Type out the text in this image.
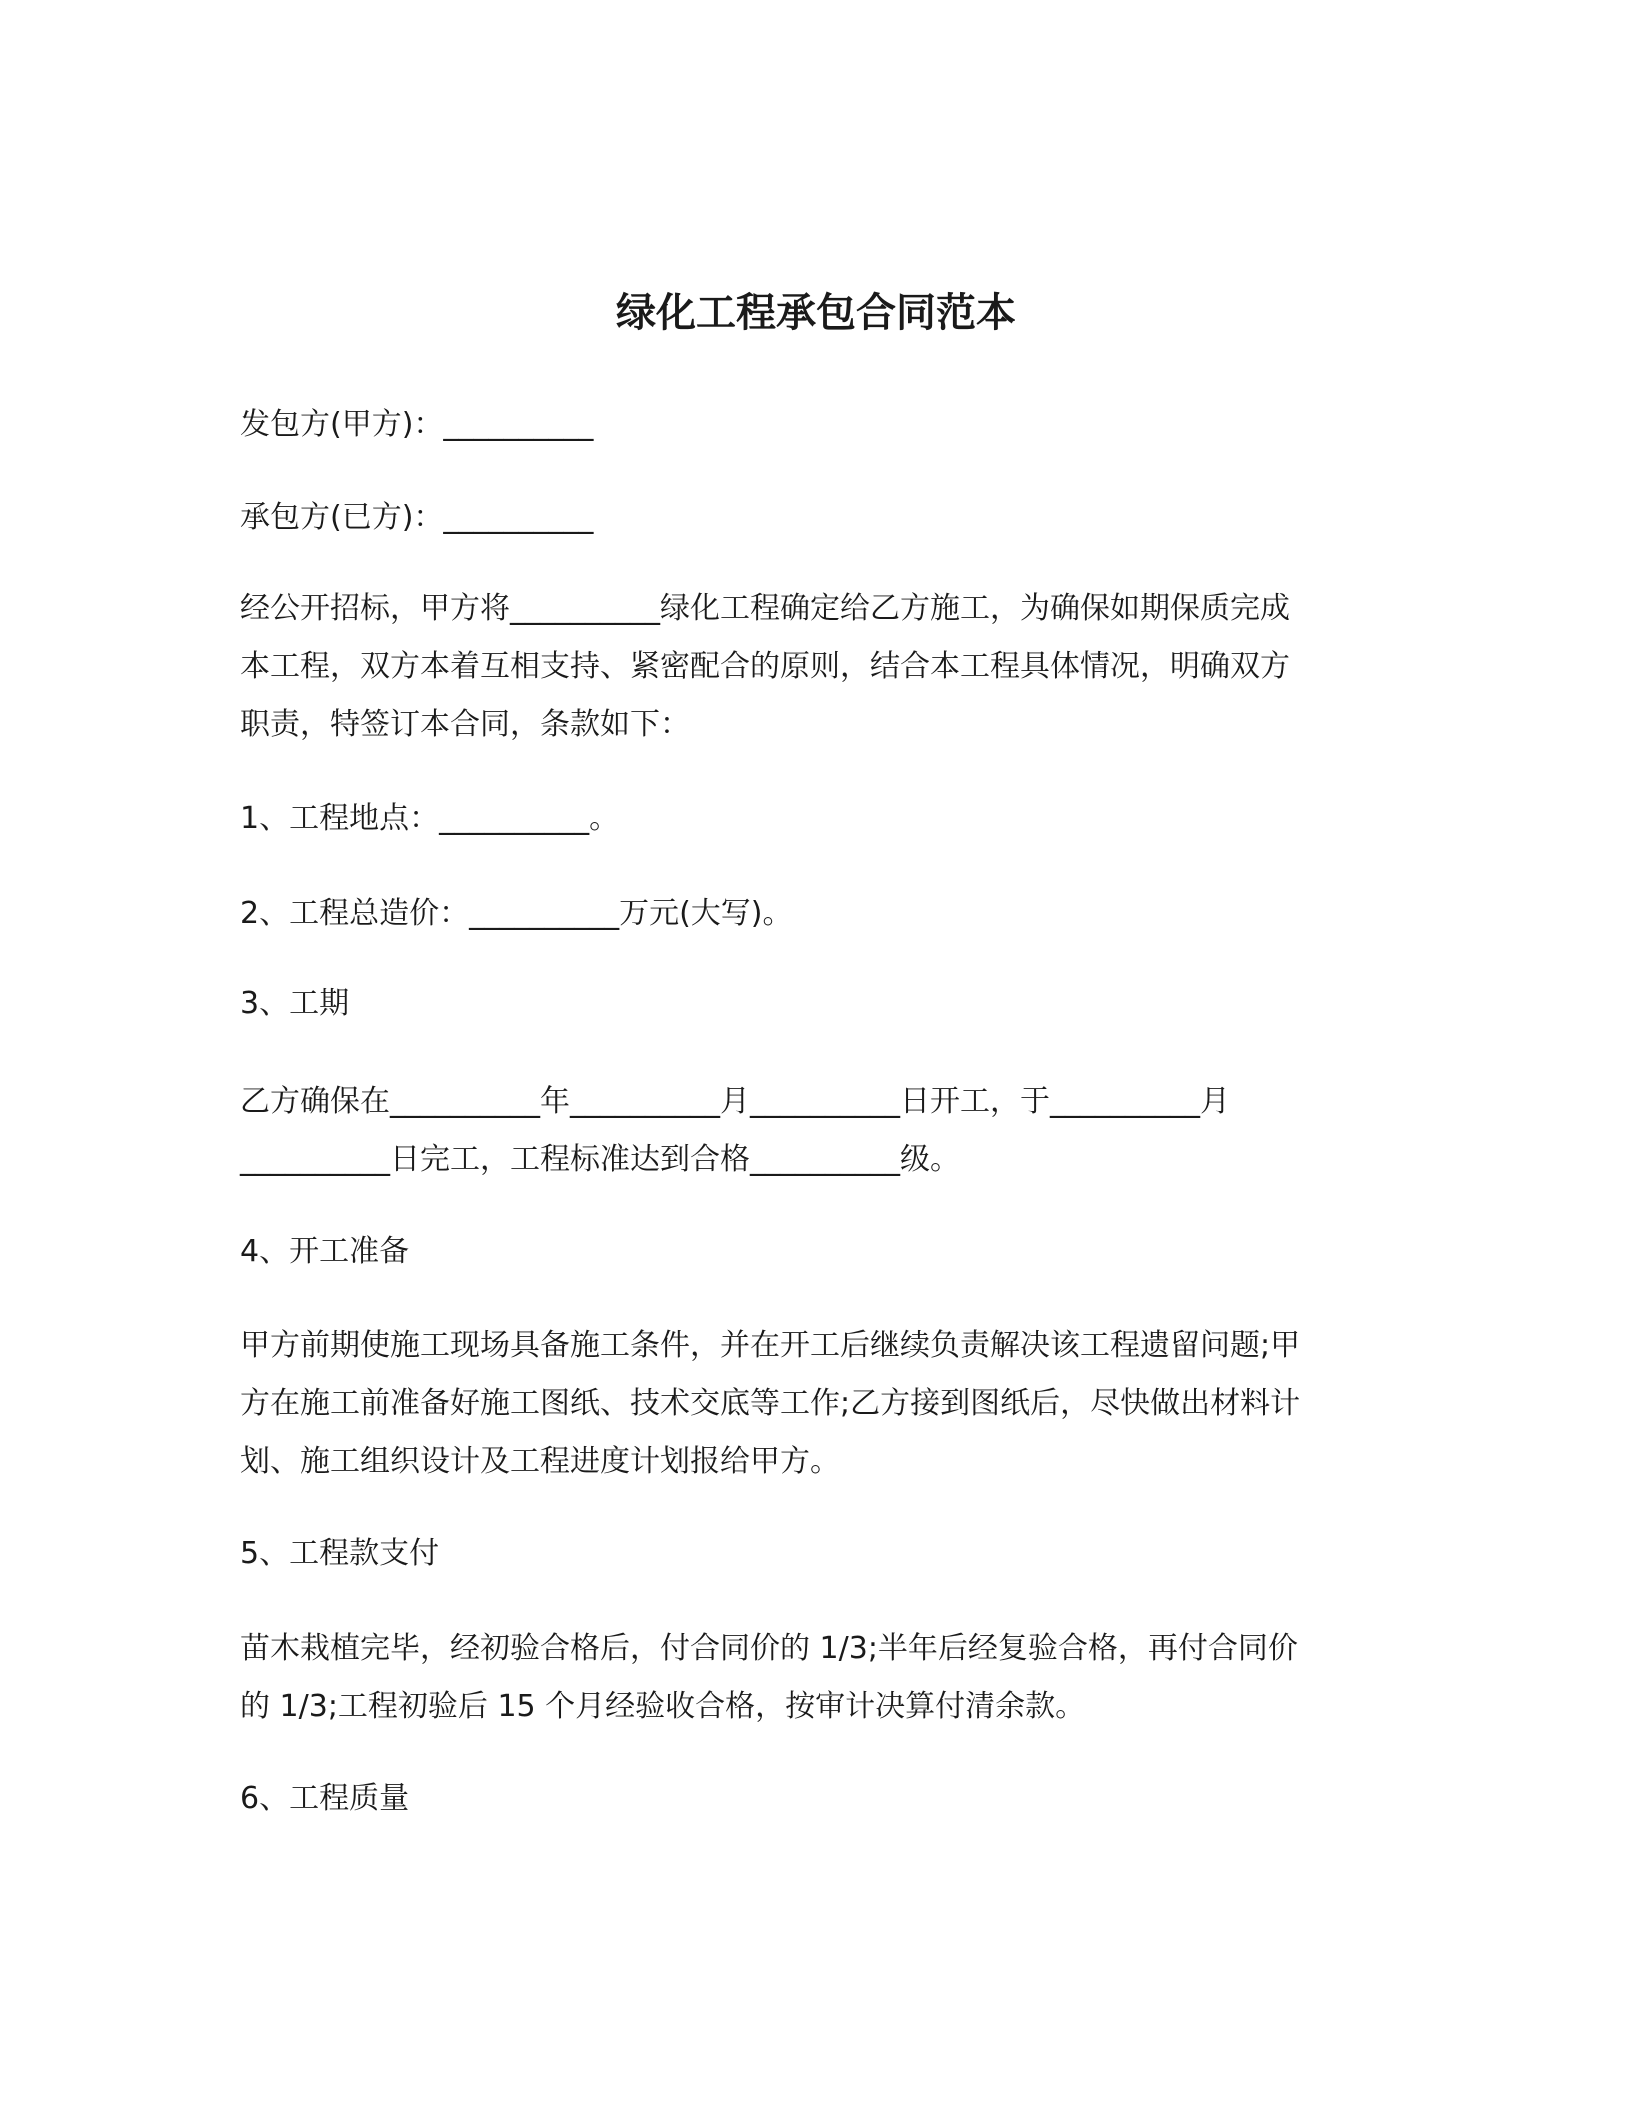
绿化工程承包合同范本

发包方(甲方)：__________

承包方(已方)：__________

经公开招标，甲方将__________绿化工程确定给乙方施工，为确保如期保质完成
本工程，双方本着互相支持、紧密配合的原则，结合本工程具体情况，明确双方
职责，特签订本合同，条款如下：

1、工程地点：__________。

2、工程总造价：__________万元(大写)。

3、工期

乙方确保在__________年__________月__________日开工，于__________月
__________日完工，工程标准达到合格__________级。

4、开工准备

甲方前期使施工现场具备施工条件，并在开工后继续负责解决该工程遗留问题;甲
方在施工前准备好施工图纸、技术交底等工作;乙方接到图纸后，尽快做出材料计
划、施工组织设计及工程进度计划报给甲方。

5、工程款支付

苗木栽植完毕，经初验合格后，付合同价的 1/3;半年后经复验合格，再付合同价
的 1/3;工程初验后 15 个月经验收合格，按审计决算付清余款。

6、工程质量
